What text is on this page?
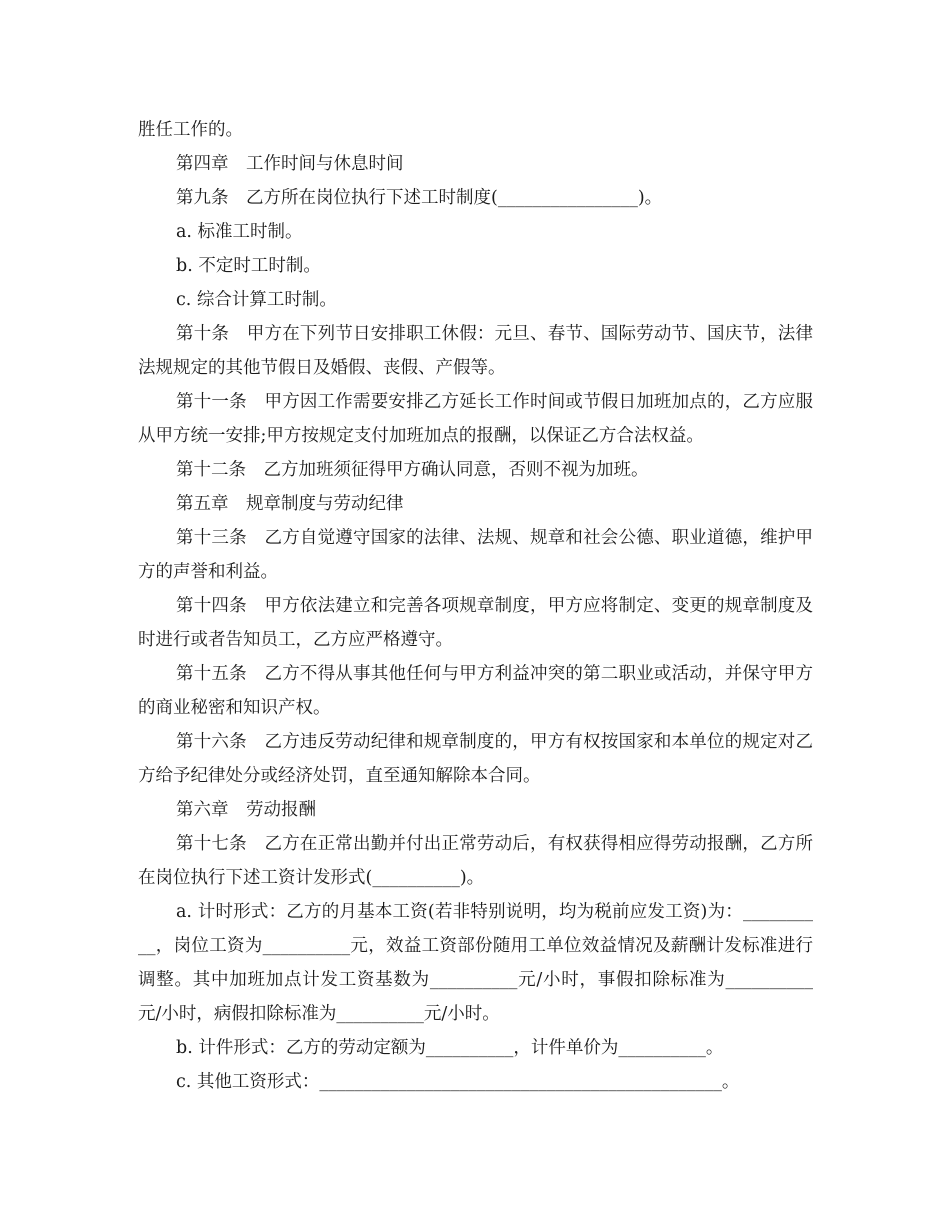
胜任工作的。

第四章　工作时间与休息时间

第九条　乙方所在岗位执行下述工时制度(________________)。

a. 标准工时制。

b. 不定时工时制。

c. 综合计算工时制。

第十条　甲方在下列节日安排职工休假：元旦、春节、国际劳动节、国庆节，法律法规规定的其他节假日及婚假、丧假、产假等。

第十一条　甲方因工作需要安排乙方延长工作时间或节假日加班加点的，乙方应服从甲方统一安排;甲方按规定支付加班加点的报酬，以保证乙方合法权益。

第十二条　乙方加班须征得甲方确认同意，否则不视为加班。

第五章　规章制度与劳动纪律

第十三条　乙方自觉遵守国家的法律、法规、规章和社会公德、职业道德，维护甲方的声誉和利益。

第十四条　甲方依法建立和完善各项规章制度，甲方应将制定、变更的规章制度及时进行或者告知员工，乙方应严格遵守。

第十五条　乙方不得从事其他任何与甲方利益冲突的第二职业或活动，并保守甲方的商业秘密和知识产权。

第十六条　乙方违反劳动纪律和规章制度的，甲方有权按国家和本单位的规定对乙方给予纪律处分或经济处罚，直至通知解除本合同。

第六章　劳动报酬

第十七条　乙方在正常出勤并付出正常劳动后，有权获得相应得劳动报酬，乙方所在岗位执行下述工资计发形式(__________)。

a. 计时形式：乙方的月基本工资(若非特别说明，均为税前应发工资)为：__________，岗位工资为__________元，效益工资部份随用工单位效益情况及薪酬计发标准进行调整。其中加班加点计发工资基数为__________元/小时，事假扣除标准为__________元/小时，病假扣除标准为__________元/小时。

b. 计件形式：乙方的劳动定额为__________，计件单价为__________。

c. 其他工资形式：______________________________________________。
